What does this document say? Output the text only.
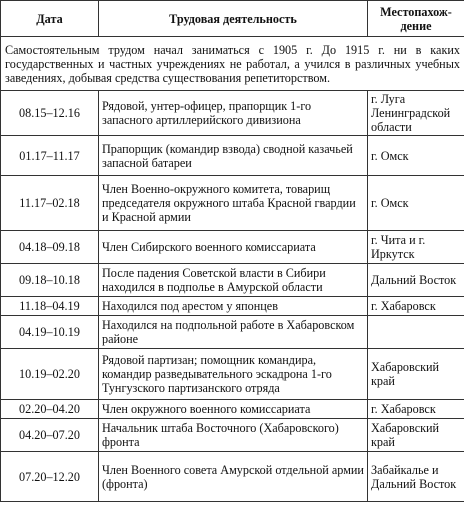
Дата	Трудовая деятельность	Местопахож-дение
Самостоятельным трудом начал заниматься с 1905 г. До 1915 г. ни в каких государственных и частных учреждениях не работал, а учился в различных учебных заведениях, добывая средства существования репетиторством.		
08.15–12.16	Рядовой, унтер-офицер, прапорщик 1-го запасного артиллерийского дивизиона	г. Луга Ленинградской области
01.17–11.17	Прапорщик (командир взвода) сводной казачьей запасной батареи	г. Омск
11.17–02.18	Член Военно-окружного комитета, товарищ председателя окружного штаба Красной гвардии и Красной армии	г. Омск
04.18–09.18	Член Сибирского военного комиссариата	г. Чита и г. Иркутск
09.18–10.18	После падения Советской власти в Сибири находился в подполье в Амурской области	Дальний Восток
11.18–04.19	Находился под арестом у японцев	г. Хабаровск
04.19–10.19	Находился на подпольной работе в Хабаровском районе	
10.19–02.20	Рядовой партизан; помощник командира, командир разведывательного эскадрона 1-го Тунгузского партизанского отряда	Хабаровский край
02.20–04.20	Член окружного военного комиссариата	г. Хабаровск
04.20–07.20	Начальник штаба Восточного (Хабаровского) фронта	Хабаровский край
07.20–12.20	Член Военного совета Амурской отдельной армии (фронта)	Забайкалье и Дальний Восток
